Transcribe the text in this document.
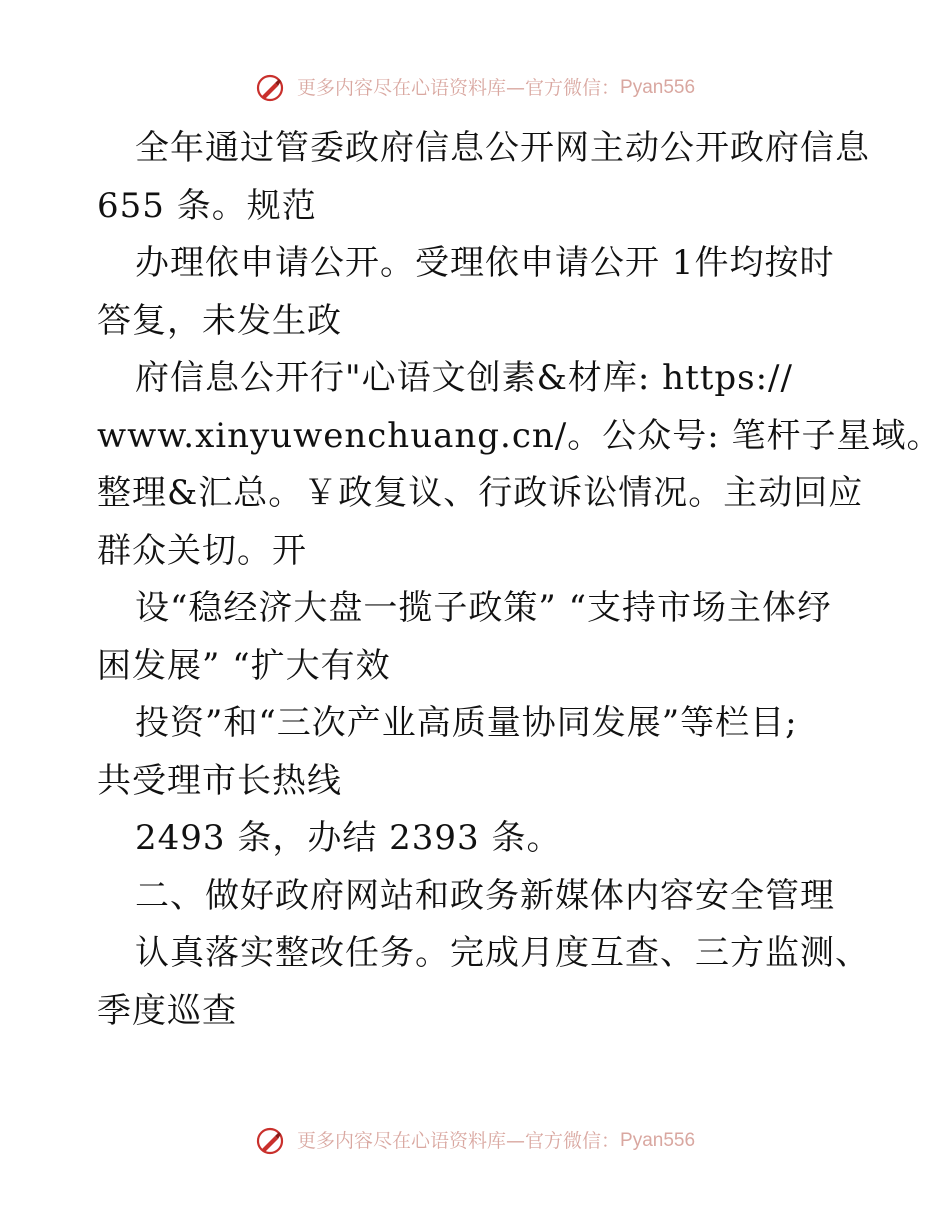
更多内容尽在心语资料库—官方微信：Pyan556
全年通过管委政府信息公开网主动公开政府信息
655 条。规范
办理依申请公开。受理依申请公开 1件均按时
答复，未发生政
府信息公开行"心语文创素&材库: https://
www.xinyuwenchuang.cn/。公众号: 笔杆子星域。
整理&汇总。￥政复议、行政诉讼情况。主动回应
群众关切。开
设“稳经济大盘一揽子政策” “支持市场主体纾
困发展” “扩大有效
投资”和“三次产业高质量协同发展”等栏目;
共受理市长热线
2493 条，办结 2393 条。
二、做好政府网站和政务新媒体内容安全管理
认真落实整改任务。完成月度互查、三方监测、
季度巡查
更多内容尽在心语资料库—官方微信：Pyan556
